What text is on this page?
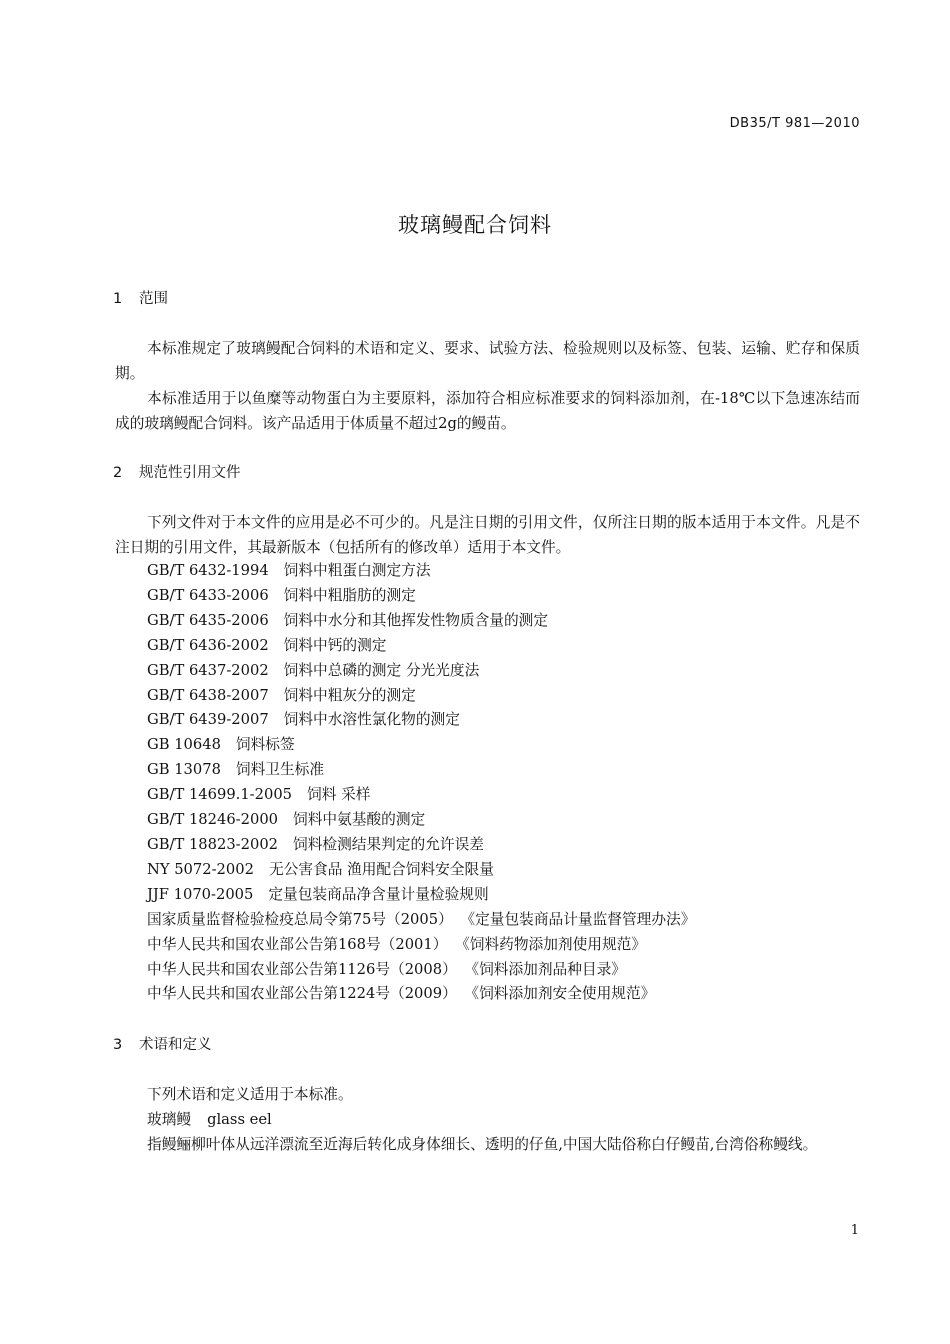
DB35/T 981—2010
玻璃鳗配合饲料
1 范围
本标准规定了玻璃鳗配合饲料的术语和定义、要求、试验方法、检验规则以及标签、包装、运输、贮存和保质期。
本标准适用于以鱼糜等动物蛋白为主要原料，添加符合相应标准要求的饲料添加剂，在-18℃以下急速冻结而成的玻璃鳗配合饲料。该产品适用于体质量不超过2g的鳗苗。
2 规范性引用文件
下列文件对于本文件的应用是必不可少的。凡是注日期的引用文件，仅所注日期的版本适用于本文件。凡是不注日期的引用文件，其最新版本（包括所有的修改单）适用于本文件。
GB/T 6432-1994 饲料中粗蛋白测定方法
GB/T 6433-2006 饲料中粗脂肪的测定
GB/T 6435-2006 饲料中水分和其他挥发性物质含量的测定
GB/T 6436-2002 饲料中钙的测定
GB/T 6437-2002 饲料中总磷的测定 分光光度法
GB/T 6438-2007 饲料中粗灰分的测定
GB/T 6439-2007 饲料中水溶性氯化物的测定
GB 10648 饲料标签
GB 13078 饲料卫生标准
GB/T 14699.1-2005 饲料 采样
GB/T 18246-2000 饲料中氨基酸的测定
GB/T 18823-2002 饲料检测结果判定的允许误差
NY 5072-2002 无公害食品 渔用配合饲料安全限量
JJF 1070-2005 定量包装商品净含量计量检验规则
国家质量监督检验检疫总局令第75号（2005） 《定量包装商品计量监督管理办法》
中华人民共和国农业部公告第168号（2001） 《饲料药物添加剂使用规范》
中华人民共和国农业部公告第1126号（2008） 《饲料添加剂品种目录》
中华人民共和国农业部公告第1224号（2009） 《饲料添加剂安全使用规范》
3 术语和定义
下列术语和定义适用于本标准。
玻璃鳗 glass eel
指鳗鲡柳叶体从远洋漂流至近海后转化成身体细长、透明的仔鱼,中国大陆俗称白仔鳗苗,台湾俗称鳗线。
1
